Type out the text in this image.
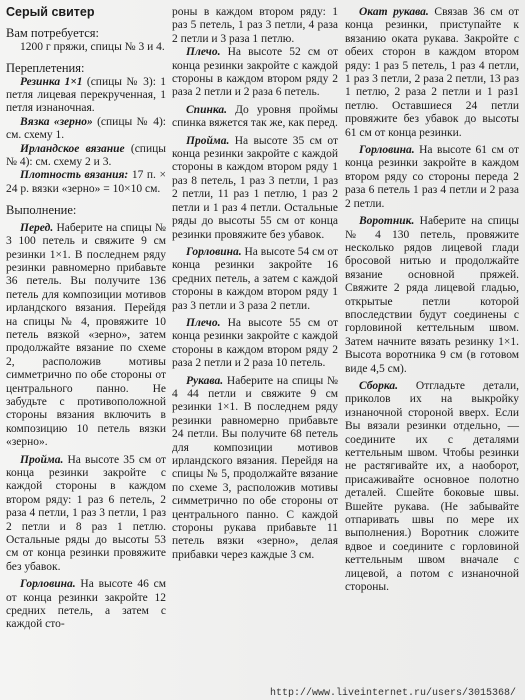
Серый свитер

Вам потребуется:

1200 г пряжи, спицы № 3 и 4.

Переплетения:

Резинка 1×1 (спицы № 3): 1 петля лицевая перекрученная, 1 петля изнаночная.

Вязка «зерно» (спицы № 4): см. схему 1.

Ирландское вязание (спицы № 4): см. схему 2 и 3.

Плотность вязания: 17 п. × 24 р. вязки «зерно» = 10×10 см.

Выполнение:

Перед. Наберите на спицы № 3 100 петель и свяжите 9 см резинки 1×1. В последнем ряду резинки равномерно прибавьте 36 петель. Вы получите 136 петель для композиции мотивов ирландского вязания. Перейдя на спицы № 4, провяжите 10 петель вязкой «зерно», затем продолжайте вязание по схеме 2, расположив мотивы симметрично по обе стороны от центрального панно. Не забудьте с противоположной стороны вязания включить в композицию 10 петель вязки «зерно».

Пройма. На высоте 35 см от конца резинки закройте с каждой стороны в каждом втором ряду: 1 раз 6 петель, 2 раза 4 петли, 1 раз 3 петли, 1 раз 2 петли и 8 раз 1 петлю. Остальные ряды до высоты 53 см от конца резинки провяжите без убавок.

Горловина. На высоте 46 см от конца резинки закройте 12 средних петель, а затем с каждой сто-

роны в каждом втором ряду: 1 раз 5 петель, 1 раз 3 петли, 4 раза 2 петли и 3 раза 1 петлю.

Плечо. На высоте 52 см от конца резинки закройте с каждой стороны в каждом втором ряду 2 раза 2 петли и 2 раза 6 петель.

Спинка. До уровня проймы спинка вяжется так же, как перед.

Пройма. На высоте 35 см от конца резинки закройте с каждой стороны в каждом втором ряду 1 раз 8 петель, 1 раз 3 петли, 1 раз 2 петли, 11 раз 1 петлю, 1 раз 2 петли и 1 раз 4 петли. Остальные ряды до высоты 55 см от конца резинки провяжите без убавок.

Горловина. На высоте 54 см от конца резинки закройте 16 средних петель, а затем с каждой стороны в каждом втором ряду 1 раз 3 петли и 3 раза 2 петли.

Плечо. На высоте 55 см от конца резинки закройте с каждой стороны в каждом втором ряду 2 раза 2 петли и 2 раза 10 петель.

Рукава. Наберите на спицы № 4 44 петли и свяжите 9 см резинки 1×1. В последнем ряду резинки равномерно прибавьте 24 петли. Вы получите 68 петель для композиции мотивов ирландского вязания. Перейдя на спицы № 5, продолжайте вязание по схеме 3, расположив мотивы симметрично по обе стороны от центрального панно. С каждой стороны рукава прибавьте 11 петель вязки «зерно», делая прибавки через каждые 3 см.

Окат рукава. Связав 36 см от конца резинки, приступайте к вязанию оката рукава. Закройте с обеих сторон в каждом втором ряду: 1 раз 5 петель, 1 раз 4 петли, 1 раз 3 петли, 2 раза 2 петли, 13 раз 1 петлю, 2 раза 2 петли и 1 раз1 петлю. Оставшиеся 24 петли провяжите без убавок до высоты 61 см от конца резинки.

Горловина. На высоте 61 см от конца резинки закройте в каждом втором ряду со стороны переда 2 раза 6 петель 1 раз 4 петли и 2 раза 2 петли.

Воротник. Наберите на спицы № 4 130 петель, провяжите несколько рядов лицевой глади бросовой нитью и продолжайте вязание основной пряжей. Свяжите 2 ряда лицевой гладью, открытые петли которой впоследствии будут соединены с горловиной кеттельным швом. Затем начните вязать резинку 1×1. Высота воротника 9 см (в готовом виде 4,5 см).

Сборка. Отгладьте детали, приколов их на выкройку изнаночной стороной вверх. Если Вы вязали резинки отдельно, — соедините их с деталями кеттельным швом. Чтобы резинки не растягивайте их, а наоборот, присаживайте основное полотно деталей. Сшейте боковые швы. Вшейте рукава. (Не забывайте отпаривать швы по мере их выполнения.) Воротник сложите вдвое и соедините с горловиной кеттельным швом вначале с лицевой, а потом с изнаночной стороны.

http://www.liveinternet.ru/users/3015368/
